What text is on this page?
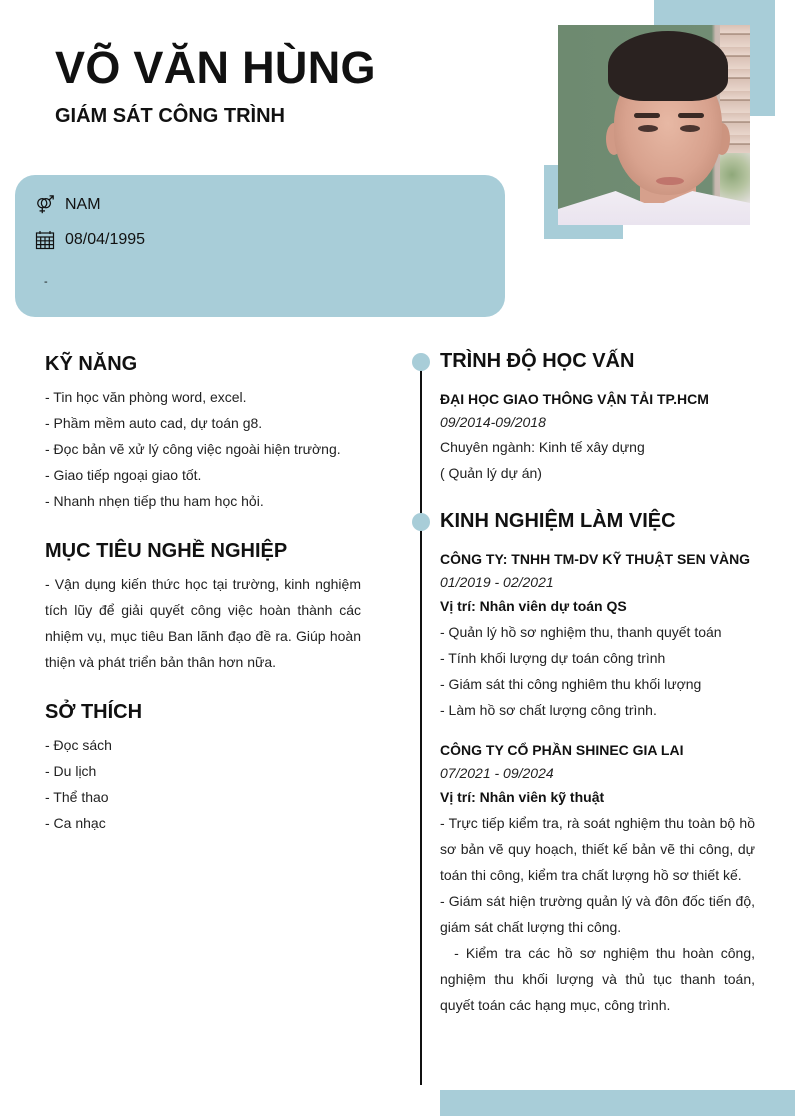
VÕ VĂN HÙNG
GIÁM SÁT CÔNG TRÌNH
NAM
08/04/1995
-
KỸ NĂNG
- Tin học văn phòng word, excel.
- Phầm mềm auto cad, dự toán g8.
- Đọc bản vẽ xử lý công việc ngoài hiện trường.
- Giao tiếp ngoại giao tốt.
- Nhanh nhẹn tiếp thu ham học hỏi.
MỤC TIÊU NGHỀ NGHIỆP
- Vận dụng kiến thức học tại trường, kinh nghiệm tích lũy để giải quyết công việc hoàn thành các nhiệm vụ, mục tiêu Ban lãnh đạo đề ra. Giúp hoàn thiện và phát triển bản thân hơn nữa.
SỞ THÍCH
- Đọc sách
- Du lịch
- Thể thao
- Ca nhạc
TRÌNH ĐỘ HỌC VẤN
ĐẠI HỌC GIAO THÔNG VẬN TẢI TP.HCM
09/2014-09/2018
Chuyên ngành: Kinh tế xây dựng
( Quản lý dự án)
KINH NGHIỆM LÀM VIỆC
CÔNG TY: TNHH TM-DV KỸ THUẬT SEN VÀNG
01/2019 - 02/2021
Vị trí: Nhân viên dự toán QS
- Quản lý hồ sơ nghiệm thu, thanh quyết toán
- Tính khối lượng dự toán công trình
- Giám sát thi công nghiêm thu khối lượng
- Làm hồ sơ chất lượng công trình.
CÔNG TY CỔ PHẦN SHINEC GIA LAI
07/2021 - 09/2024
Vị trí: Nhân viên kỹ thuật
- Trực tiếp kiểm tra, rà soát nghiệm thu toàn bộ hồ sơ bản vẽ quy hoạch, thiết kế bản vẽ thi công, dự toán thi công, kiểm tra chất lượng hồ sơ thiết kế.
- Giám sát hiện trường quản lý và đôn đốc tiến độ, giám sát chất lượng thi công.
- Kiểm tra các hồ sơ nghiệm thu hoàn công, nghiệm thu khối lượng và thủ tục thanh toán, quyết toán các hạng mục, công trình.
